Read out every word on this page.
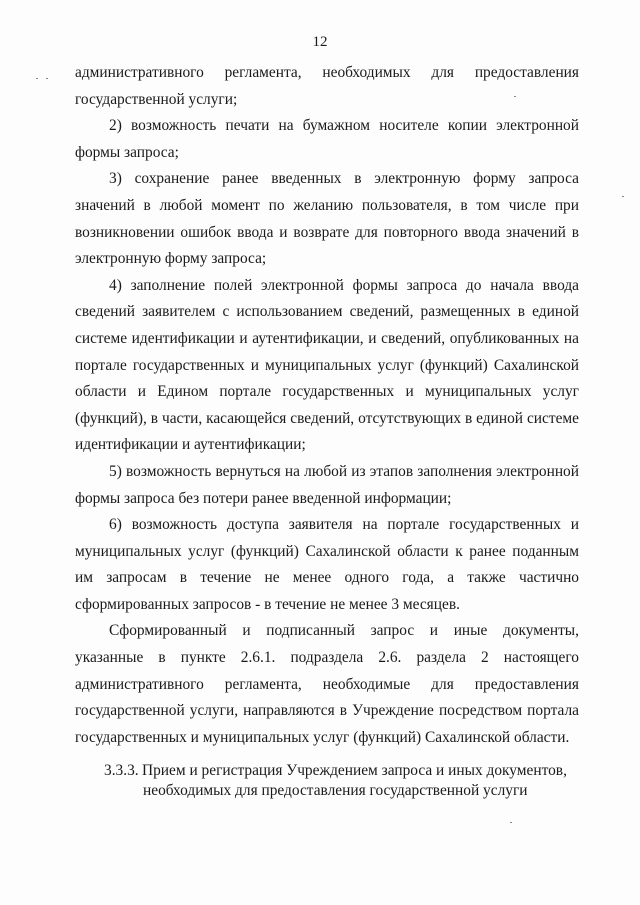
12

административного регламента, необходимых для предоставления государственной услуги;

2) возможность печати на бумажном носителе копии электронной формы запроса;

3) сохранение ранее введенных в электронную форму запроса значений в любой момент по желанию пользователя, в том числе при возникновении ошибок ввода и возврате для повторного ввода значений в электронную форму запроса;

4) заполнение полей электронной формы запроса до начала ввода сведений заявителем с использованием сведений, размещенных в единой системе идентификации и аутентификации, и сведений, опубликованных на портале государственных и муниципальных услуг (функций) Сахалинской области и Едином портале государственных и муниципальных услуг (функций), в части, касающейся сведений, отсутствующих в единой системе идентификации и аутентификации;

5) возможность вернуться на любой из этапов заполнения электронной формы запроса без потери ранее введенной информации;

6) возможность доступа заявителя на портале государственных и муниципальных услуг (функций) Сахалинской области к ранее поданным им запросам в течение не менее одного года, а также частично сформированных запросов - в течение не менее 3 месяцев.

Сформированный и подписанный запрос и иные документы, указанные в пункте 2.6.1. подраздела 2.6. раздела 2 настоящего административного регламента, необходимые для предоставления государственной услуги, направляются в Учреждение посредством портала государственных и муниципальных услуг (функций) Сахалинской области.

3.3.3. Прием и регистрация Учреждением запроса и иных документов,
необходимых для предоставления государственной услуги
